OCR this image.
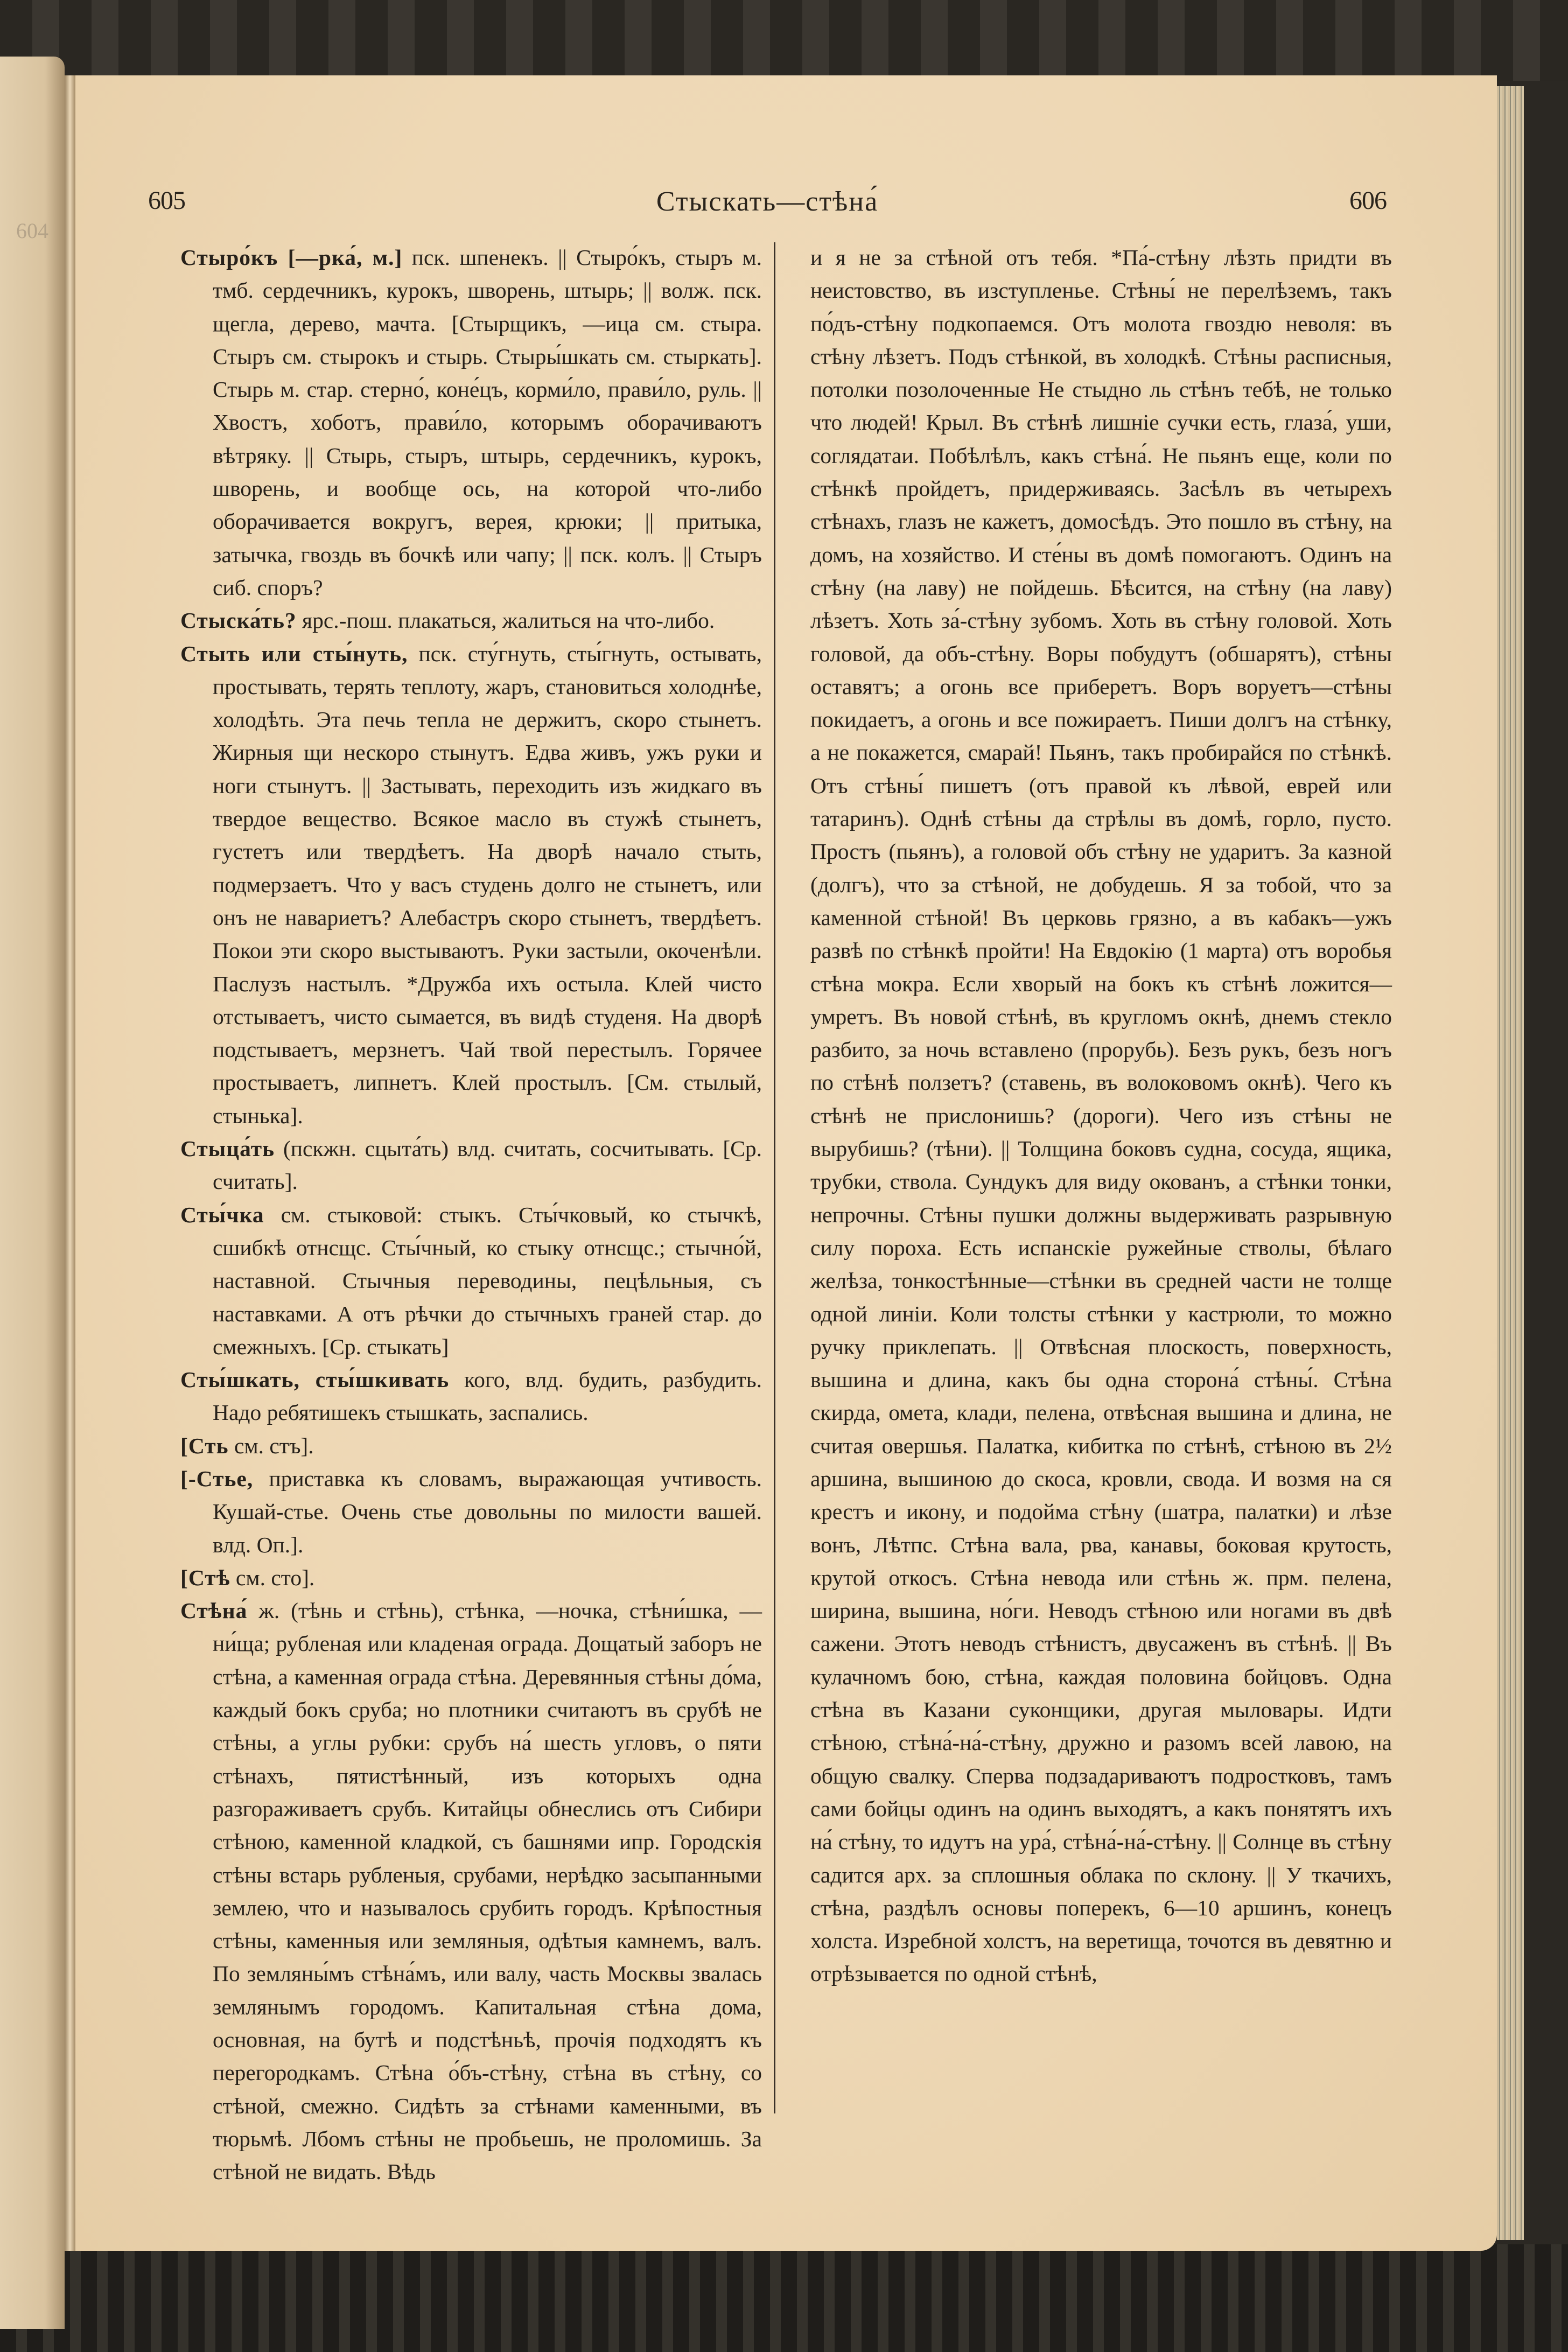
604
605	Стыскать—стѣна́	606

Стыро́къ [—рка́, м.] пск. шпенекъ. || Стыро́къ, стыръ м. тмб. сердечникъ, курокъ, шворень, штырь; || волж. пск. щегла, дерево, мачта. [Стырщикъ, —ица см. стыра. Стыръ см. стырокъ и стырь. Стыры́шкать см. стыркать]. Стырь м. стар. стерно́, коне́цъ, корми́ло, прави́ло, руль. || Хвостъ, хоботъ, прави́ло, которымъ оборачиваютъ вѣтряку. || Стырь, стыръ, штырь, сердечникъ, курокъ, шворень, и вообще ось, на которой что-либо оборачивается вокругъ, верея, крюки; || притыка, затычка, гвоздь въ бочкѣ или чапу; || пск. колъ. || Стыръ сиб. споръ?

Стыска́ть? ярс.-пош. плакаться, жалиться на что-либо.

Стыть или сты́нуть, пск. сту́гнуть, сты́гнуть, остывать, простывать, терять теплоту, жаръ, становиться холоднѣе, холодѣть. Эта печь тепла не держитъ, скоро стынетъ. Жирныя щи нескоро стынутъ. Едва живъ, ужъ руки и ноги стынутъ. || Застывать, переходить изъ жидкаго въ твердое вещество. Всякое масло въ стужѣ стынетъ, густетъ или твердѣетъ. На дворѣ начало стыть, подмерзаетъ. Что у васъ студень долго не стынетъ, или онъ не навариетъ? Алебастръ скоро стынетъ, твердѣетъ. Покои эти скоро выстываютъ. Руки застыли, окоченѣли. Паслузъ настылъ. *Дружба ихъ остыла. Клей чисто отстываетъ, чисто сымается, въ видѣ студеня. На дворѣ подстываетъ, мерзнетъ. Чай твой перестылъ. Горячее простываетъ, липнетъ. Клей простылъ. [См. стылый, стынька].

Стыца́ть (пскжн. сцыта́ть) влд. считать, сосчитывать. [Ср. считать].

Сты́чка см. стыковой: стыкъ. Сты́чковый, ко стычкѣ, сшибкѣ отнсщс. Сты́чный, ко стыку отнсщс.; стычно́й, наставной. Стычныя переводины, пецѣльныя, съ наставками. А отъ рѣчки до стычныхъ граней стар. до смежныхъ. [Ср. стыкать]

Сты́шкать, сты́шкивать кого, влд. будить, разбудить. Надо ребятишекъ стышкать, заспались.

[Сть см. стъ].

[-Стье, приставка къ словамъ, выражающая учтивость. Кушай-стье. Очень стье довольны по милости вашей. влд. Оп.].

[Стѣ см. сто].

Стѣна́ ж. (тѣнь и стѣнь), стѣнка, —ночка, стѣни́шка, —ни́ща; рубленая или кладеная ограда. Дощатый заборъ не стѣна, а каменная ограда стѣна. Деревянныя стѣны до́ма, каждый бокъ сруба; но плотники считаютъ въ срубѣ не стѣны, а углы рубки: срубъ на́ шесть угловъ, о пяти стѣнахъ, пятистѣнный, изъ которыхъ одна разгораживаетъ срубъ. Китайцы обнеслись отъ Сибири стѣною, каменной кладкой, съ башнями ипр. Городскія стѣны встарь рубленыя, срубами, нерѣдко засыпанными землею, что и называлось срубить городъ. Крѣпостныя стѣны, каменныя или земляныя, одѣтыя камнемъ, валъ. По земляны́мъ стѣна́мъ, или валу, часть Москвы звалась землянымъ городомъ. Капитальная стѣна дома, основная, на бутѣ и подстѣньѣ, прочія подходятъ къ перегородкамъ. Стѣна о́бъ-стѣну, стѣна въ стѣну, со стѣной, смежно. Сидѣть за стѣнами каменными, въ тюрьмѣ. Лбомъ стѣны не пробьешь, не проломишь. За стѣной не видать. Вѣдь

и я не за стѣной отъ тебя. *Па́-стѣну лѣзть придти въ неистовство, въ изступленье. Стѣны́ не перелѣземъ, такъ по́дъ-стѣну подкопаемся. Отъ молота гвоздю неволя: въ стѣну лѣзетъ. Подъ стѣнкой, въ холодкѣ. Стѣны расписныя, потолки позолоченные Не стыдно ль стѣнъ тебѣ, не только что людей! Крыл. Въ стѣнѣ лишніе сучки есть, глаза́, уши, соглядатаи. Побѣлѣлъ, какъ стѣна́. Не пьянъ еще, коли по стѣнкѣ пройдетъ, придерживаясь. Засѣлъ въ четырехъ стѣнахъ, глазъ не кажетъ, домосѣдъ. Это пошло въ стѣну, на домъ, на хозяйство. И сте́ны въ домѣ помогаютъ. Одинъ на стѣну (на лаву) не пойдешь. Бѣсится, на стѣну (на лаву) лѣзетъ. Хоть за́-стѣну зубомъ. Хоть въ стѣну головой. Хоть головой, да объ-стѣну. Воры побудутъ (обшарятъ), стѣны оставятъ; а огонь все приберетъ. Воръ воруетъ—стѣны покидаетъ, а огонь и все пожираетъ. Пиши долгъ на стѣнку, а не покажется, смарай! Пьянъ, такъ пробирайся по стѣнкѣ. Отъ стѣны́ пишетъ (отъ правой къ лѣвой, еврей или татаринъ). Однѣ стѣны да стрѣлы въ домѣ, горло, пусто. Простъ (пьянъ), а головой объ стѣну не ударитъ. За казной (долгъ), что за стѣной, не добудешь. Я за тобой, что за каменной стѣной! Въ церковь грязно, а въ кабакъ—ужъ развѣ по стѣнкѣ пройти! На Евдокію (1 марта) отъ воробья стѣна мокра. Если хворый на бокъ къ стѣнѣ ложится—умретъ. Въ новой стѣнѣ, въ кругломъ окнѣ, днемъ стекло разбито, за ночь вставлено (прорубь). Безъ рукъ, безъ ногъ по стѣнѣ ползетъ? (ставень, въ волоковомъ окнѣ). Чего къ стѣнѣ не прислонишь? (дороги). Чего изъ стѣны не вырубишь? (тѣни). || Толщина боковъ судна, сосуда, ящика, трубки, ствола. Сундукъ для виду окованъ, а стѣнки тонки, непрочны. Стѣны пушки должны выдерживать разрывную силу пороха. Есть испанскіе ружейные стволы, бѣлаго желѣза, тонкостѣнные—стѣнки въ средней части не толще одной линіи. Коли толсты стѣнки у кастрюли, то можно ручку приклепать. || Отвѣсная плоскость, поверхность, вышина и длина, какъ бы одна сторона́ стѣны́. Стѣна скирда, омета, клади, пелена, отвѣсная вышина и длина, не считая овершья. Палатка, кибитка по стѣнѣ, стѣною въ 2½ аршина, вышиною до скоса, кровли, свода. И возмя на ся крестъ и икону, и подойма стѣну (шатра, палатки) и лѣзе вонъ, Лѣтпс. Стѣна вала, рва, канавы, боковая крутость, крутой откосъ. Стѣна невода или стѣнь ж. прм. пелена, ширина, вышина, но́ги. Неводъ стѣною или ногами въ двѣ сажени. Этотъ неводъ стѣнистъ, двусаженъ въ стѣнѣ. || Въ кулачномъ бою, стѣна, каждая половина бойцовъ. Одна стѣна въ Казани суконщики, другая мыловары. Идти стѣною, стѣна́-на́-стѣну, дружно и разомъ всей лавою, на общую свалку. Сперва подзадариваютъ подростковъ, тамъ сами бойцы одинъ на одинъ выходятъ, а какъ понятятъ ихъ на́ стѣну, то идутъ на ура́, стѣна́-на́-стѣну. || Солнце въ стѣну садится арх. за сплошныя облака по склону. || У ткачихъ, стѣна, раздѣлъ основы поперекъ, 6—10 аршинъ, конецъ холста. Изребной холстъ, на веретища, точотся въ девятню и отрѣзывается по одной стѣнѣ,
